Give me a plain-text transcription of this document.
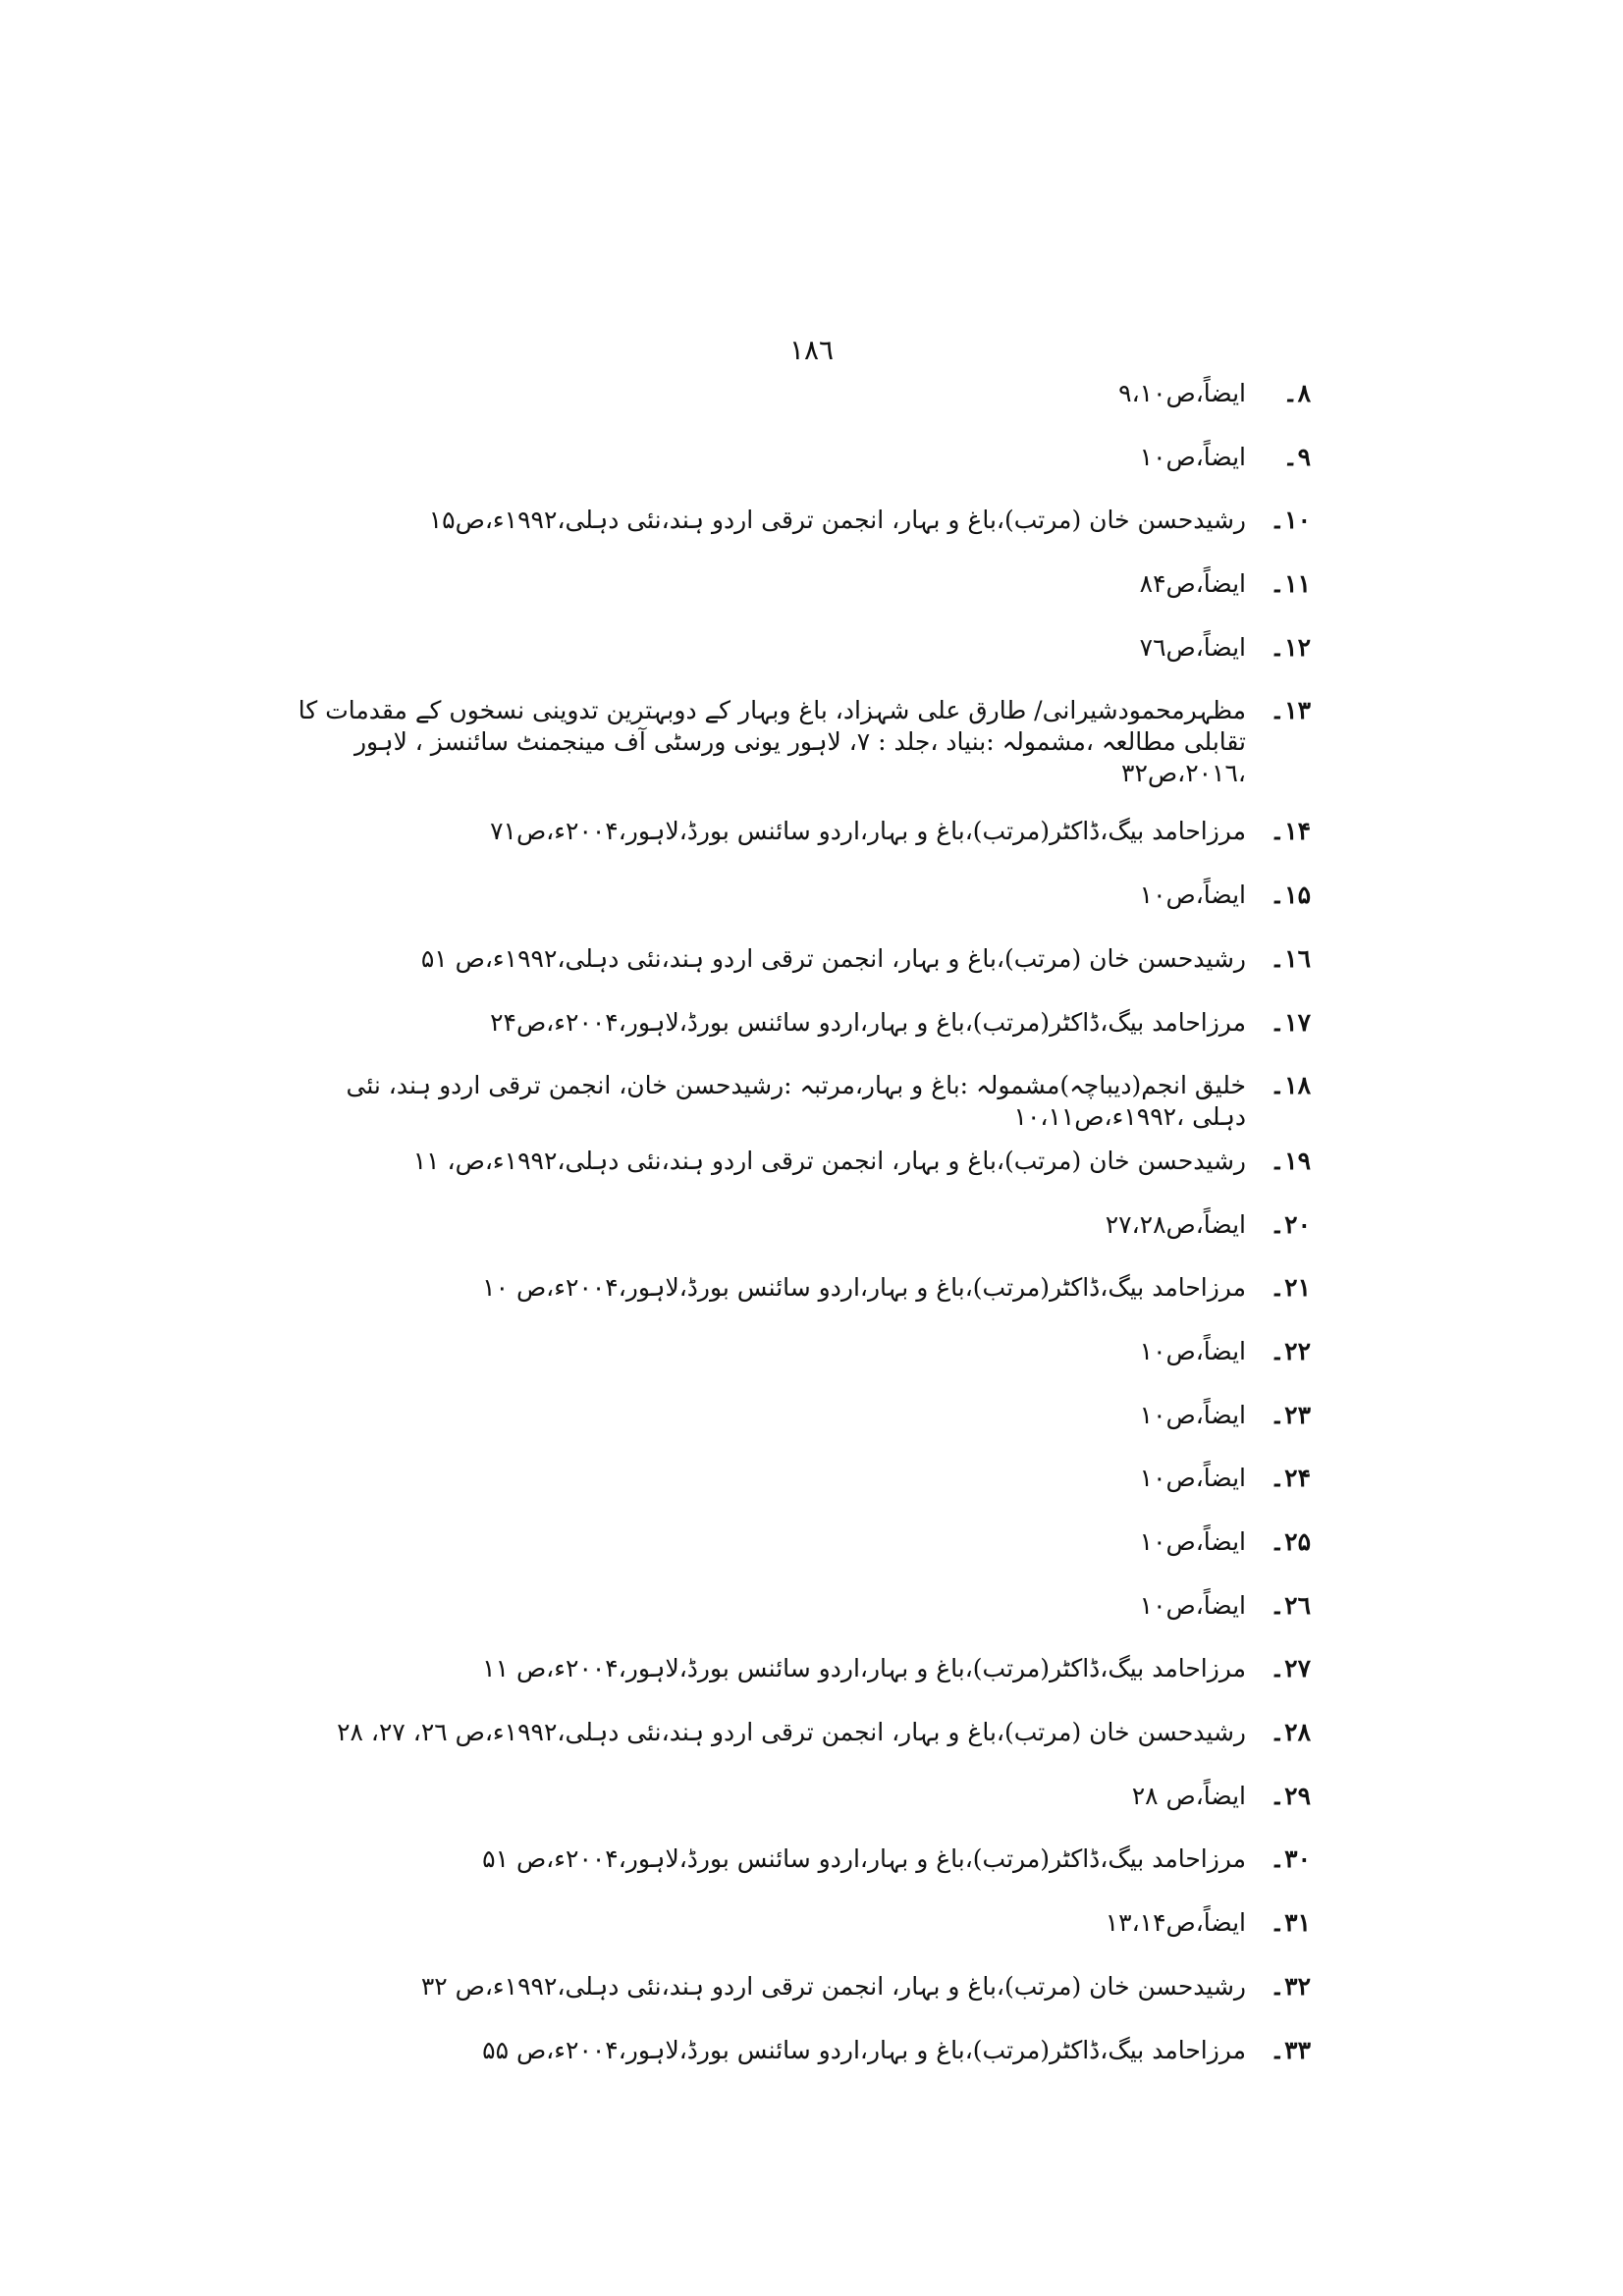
۱۸٦
۸۔
ایضاً،ص۹،۱۰
۹۔
ایضاً،ص۱۰
۱۰۔
رشیدحسن خان (مرتب)،باغ و بہار، انجمن ترقی اردو ہند،نئی دہلی،۱۹۹۲ء،ص۱۵
۱۱۔
ایضاً،ص۸۴
۱۲۔
ایضاً،ص۷٦
۱۳۔
مظہرمحمودشیرانی/ طارق علی شہزاد، باغ وبہار کے دوبہترین تدوینی نسخوں کے مقدمات کا تقابلی مطالعہ ،مشمولہ :بنیاد ،جلد : ۷، لاہور یونی ورسٹی آف مینجمنٹ سائنسز ، لاہور ،۲۰۱٦،ص۳۲
۱۴۔
مرزاحامد بیگ،ڈاکٹر(مرتب)،باغ و بہار،اردو سائنس بورڈ،لاہور،۲۰۰۴ء،ص۷۱
۱۵۔
ایضاً،ص۱۰
۱٦۔
رشیدحسن خان (مرتب)،باغ و بہار، انجمن ترقی اردو ہند،نئی دہلی،۱۹۹۲ء،ص ۵۱
۱۷۔
مرزاحامد بیگ،ڈاکٹر(مرتب)،باغ و بہار،اردو سائنس بورڈ،لاہور،۲۰۰۴ء،ص۲۴
۱۸۔
خلیق انجم(دیباچہ)مشمولہ :باغ و بہار،مرتبہ :رشیدحسن خان، انجمن ترقی اردو ہند، نئی دہلی ،۱۹۹۲ء،ص۱۰،۱۱
۱۹۔
رشیدحسن خان (مرتب)،باغ و بہار، انجمن ترقی اردو ہند،نئی دہلی،۱۹۹۲ء،ص، ۱۱
۲۰۔
ایضاً،ص۲۷،۲۸
۲۱۔
مرزاحامد بیگ،ڈاکٹر(مرتب)،باغ و بہار،اردو سائنس بورڈ،لاہور،۲۰۰۴ء،ص ۱۰
۲۲۔
ایضاً،ص۱۰
۲۳۔
ایضاً،ص۱۰
۲۴۔
ایضاً،ص۱۰
۲۵۔
ایضاً،ص۱۰
۲٦۔
ایضاً،ص۱۰
۲۷۔
مرزاحامد بیگ،ڈاکٹر(مرتب)،باغ و بہار،اردو سائنس بورڈ،لاہور،۲۰۰۴ء،ص ۱۱
۲۸۔
رشیدحسن خان (مرتب)،باغ و بہار، انجمن ترقی اردو ہند،نئی دہلی،۱۹۹۲ء،ص ۲٦، ۲۷، ۲۸
۲۹۔
ایضاً،ص ۲۸
۳۰۔
مرزاحامد بیگ،ڈاکٹر(مرتب)،باغ و بہار،اردو سائنس بورڈ،لاہور،۲۰۰۴ء،ص ۵۱
۳۱۔
ایضاً،ص۱۳،۱۴
۳۲۔
رشیدحسن خان (مرتب)،باغ و بہار، انجمن ترقی اردو ہند،نئی دہلی،۱۹۹۲ء،ص ۳۲
۳۳۔
مرزاحامد بیگ،ڈاکٹر(مرتب)،باغ و بہار،اردو سائنس بورڈ،لاہور،۲۰۰۴ء،ص ۵۵
